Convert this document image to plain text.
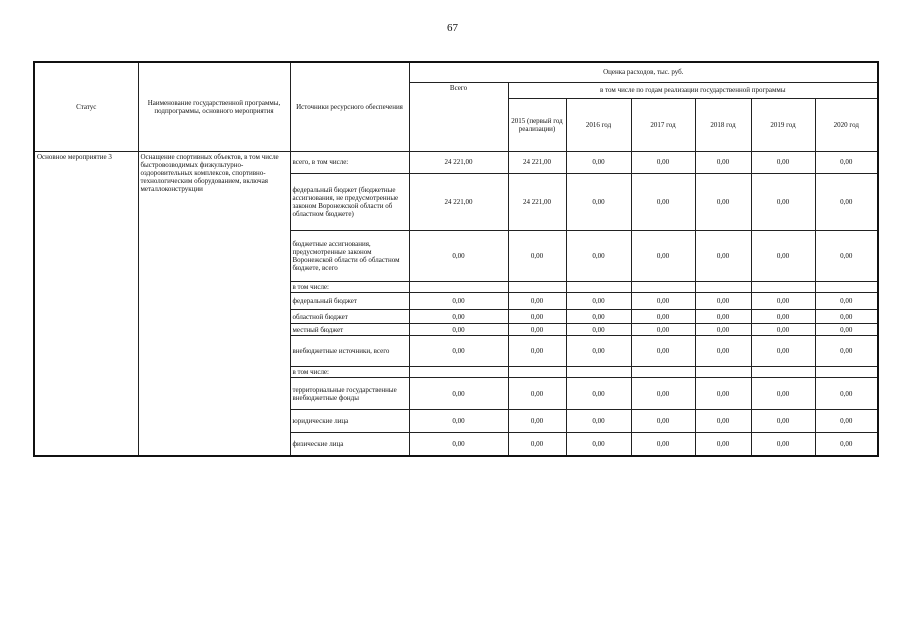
67
Статус	Наименование государственной программы, подпрограммы, основного мероприятия	Источники ресурсного обеспечения	Оценка расходов, тыс. руб.						
			Всего	в том числе по годам реализации государственной программы					
				2015 (первый год реализации)	2016 год	2017 год	2018 год	2019 год	2020 год
Основное мероприятие 3	Оснащение спортивных объектов, в том числе быстровозводимых физкультурно-оздоровительных комплексов, спортивно-технологическим оборудованием, включая металлоконструкции	всего, в том числе:	24 221,00	24 221,00	0,00	0,00	0,00	0,00	0,00
		федеральный бюджет (бюджетные ассигнования, не предусмотренные законом Воронежской области об областном бюджете)	24 221,00	24 221,00	0,00	0,00	0,00	0,00	0,00
		бюджетные ассигнования, предусмотренные законом Воронежской области об областном бюджете, всего	0,00	0,00	0,00	0,00	0,00	0,00	0,00
		в том числе:							
		федеральный бюджет	0,00	0,00	0,00	0,00	0,00	0,00	0,00
		областной бюджет	0,00	0,00	0,00	0,00	0,00	0,00	0,00
		местный бюджет	0,00	0,00	0,00	0,00	0,00	0,00	0,00
		внебюджетные источники, всего	0,00	0,00	0,00	0,00	0,00	0,00	0,00
		в том числе:							
		территориальные государственные внебюджетные фонды	0,00	0,00	0,00	0,00	0,00	0,00	0,00
		юридические лица	0,00	0,00	0,00	0,00	0,00	0,00	0,00
		физические лица	0,00	0,00	0,00	0,00	0,00	0,00	0,00
